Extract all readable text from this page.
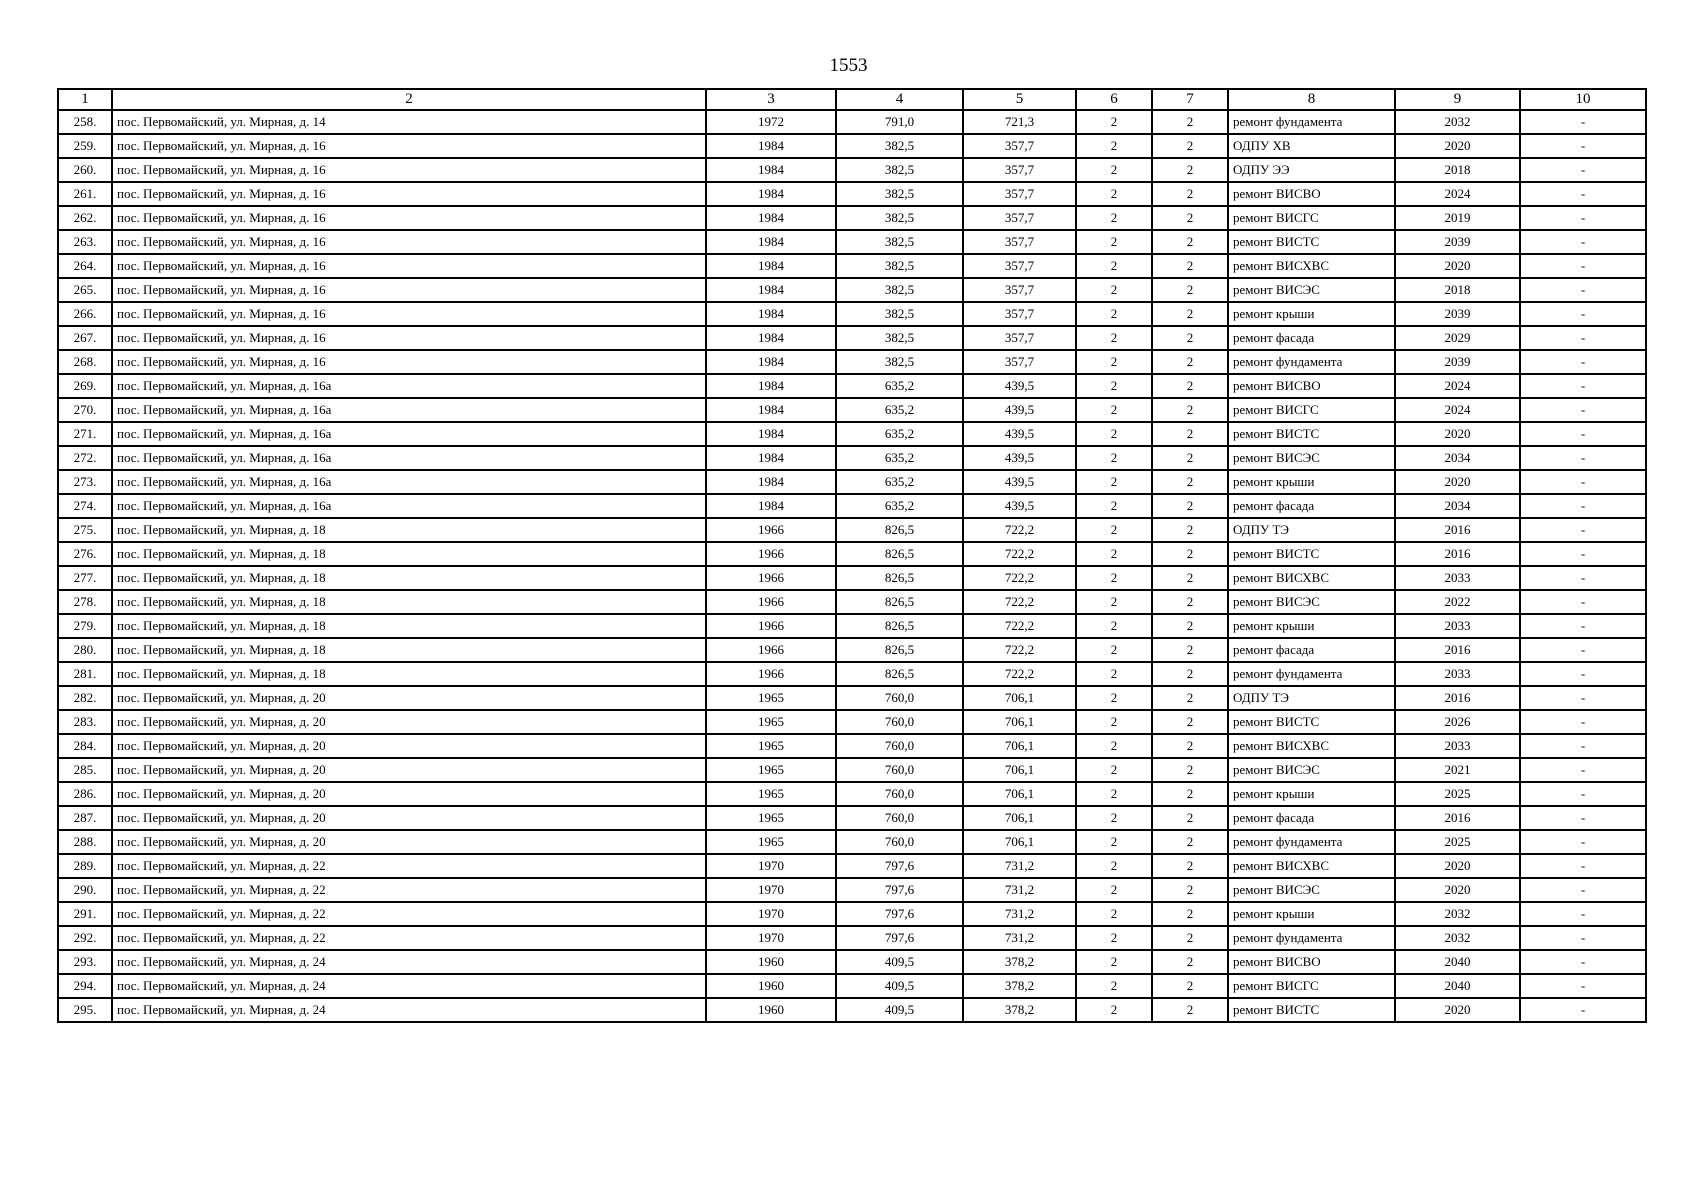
1553
1	2	3	4	5	6	7	8	9	10
258.	пос. Первомайский, ул. Мирная, д. 14	1972	791,0	721,3	2	2	ремонт фундамента	2032	-
259.	пос. Первомайский, ул. Мирная, д. 16	1984	382,5	357,7	2	2	ОДПУ ХВ	2020	-
260.	пос. Первомайский, ул. Мирная, д. 16	1984	382,5	357,7	2	2	ОДПУ ЭЭ	2018	-
261.	пос. Первомайский, ул. Мирная, д. 16	1984	382,5	357,7	2	2	ремонт ВИСВО	2024	-
262.	пос. Первомайский, ул. Мирная, д. 16	1984	382,5	357,7	2	2	ремонт ВИСГС	2019	-
263.	пос. Первомайский, ул. Мирная, д. 16	1984	382,5	357,7	2	2	ремонт ВИСТС	2039	-
264.	пос. Первомайский, ул. Мирная, д. 16	1984	382,5	357,7	2	2	ремонт ВИСХВС	2020	-
265.	пос. Первомайский, ул. Мирная, д. 16	1984	382,5	357,7	2	2	ремонт ВИСЭС	2018	-
266.	пос. Первомайский, ул. Мирная, д. 16	1984	382,5	357,7	2	2	ремонт крыши	2039	-
267.	пос. Первомайский, ул. Мирная, д. 16	1984	382,5	357,7	2	2	ремонт фасада	2029	-
268.	пос. Первомайский, ул. Мирная, д. 16	1984	382,5	357,7	2	2	ремонт фундамента	2039	-
269.	пос. Первомайский, ул. Мирная, д. 16а	1984	635,2	439,5	2	2	ремонт ВИСВО	2024	-
270.	пос. Первомайский, ул. Мирная, д. 16а	1984	635,2	439,5	2	2	ремонт ВИСГС	2024	-
271.	пос. Первомайский, ул. Мирная, д. 16а	1984	635,2	439,5	2	2	ремонт ВИСТС	2020	-
272.	пос. Первомайский, ул. Мирная, д. 16а	1984	635,2	439,5	2	2	ремонт ВИСЭС	2034	-
273.	пос. Первомайский, ул. Мирная, д. 16а	1984	635,2	439,5	2	2	ремонт крыши	2020	-
274.	пос. Первомайский, ул. Мирная, д. 16а	1984	635,2	439,5	2	2	ремонт фасада	2034	-
275.	пос. Первомайский, ул. Мирная, д. 18	1966	826,5	722,2	2	2	ОДПУ ТЭ	2016	-
276.	пос. Первомайский, ул. Мирная, д. 18	1966	826,5	722,2	2	2	ремонт ВИСТС	2016	-
277.	пос. Первомайский, ул. Мирная, д. 18	1966	826,5	722,2	2	2	ремонт ВИСХВС	2033	-
278.	пос. Первомайский, ул. Мирная, д. 18	1966	826,5	722,2	2	2	ремонт ВИСЭС	2022	-
279.	пос. Первомайский, ул. Мирная, д. 18	1966	826,5	722,2	2	2	ремонт крыши	2033	-
280.	пос. Первомайский, ул. Мирная, д. 18	1966	826,5	722,2	2	2	ремонт фасада	2016	-
281.	пос. Первомайский, ул. Мирная, д. 18	1966	826,5	722,2	2	2	ремонт фундамента	2033	-
282.	пос. Первомайский, ул. Мирная, д. 20	1965	760,0	706,1	2	2	ОДПУ ТЭ	2016	-
283.	пос. Первомайский, ул. Мирная, д. 20	1965	760,0	706,1	2	2	ремонт ВИСТС	2026	-
284.	пос. Первомайский, ул. Мирная, д. 20	1965	760,0	706,1	2	2	ремонт ВИСХВС	2033	-
285.	пос. Первомайский, ул. Мирная, д. 20	1965	760,0	706,1	2	2	ремонт ВИСЭС	2021	-
286.	пос. Первомайский, ул. Мирная, д. 20	1965	760,0	706,1	2	2	ремонт крыши	2025	-
287.	пос. Первомайский, ул. Мирная, д. 20	1965	760,0	706,1	2	2	ремонт фасада	2016	-
288.	пос. Первомайский, ул. Мирная, д. 20	1965	760,0	706,1	2	2	ремонт фундамента	2025	-
289.	пос. Первомайский, ул. Мирная, д. 22	1970	797,6	731,2	2	2	ремонт ВИСХВС	2020	-
290.	пос. Первомайский, ул. Мирная, д. 22	1970	797,6	731,2	2	2	ремонт ВИСЭС	2020	-
291.	пос. Первомайский, ул. Мирная, д. 22	1970	797,6	731,2	2	2	ремонт крыши	2032	-
292.	пос. Первомайский, ул. Мирная, д. 22	1970	797,6	731,2	2	2	ремонт фундамента	2032	-
293.	пос. Первомайский, ул. Мирная, д. 24	1960	409,5	378,2	2	2	ремонт ВИСВО	2040	-
294.	пос. Первомайский, ул. Мирная, д. 24	1960	409,5	378,2	2	2	ремонт ВИСГС	2040	-
295.	пос. Первомайский, ул. Мирная, д. 24	1960	409,5	378,2	2	2	ремонт ВИСТС	2020	-
